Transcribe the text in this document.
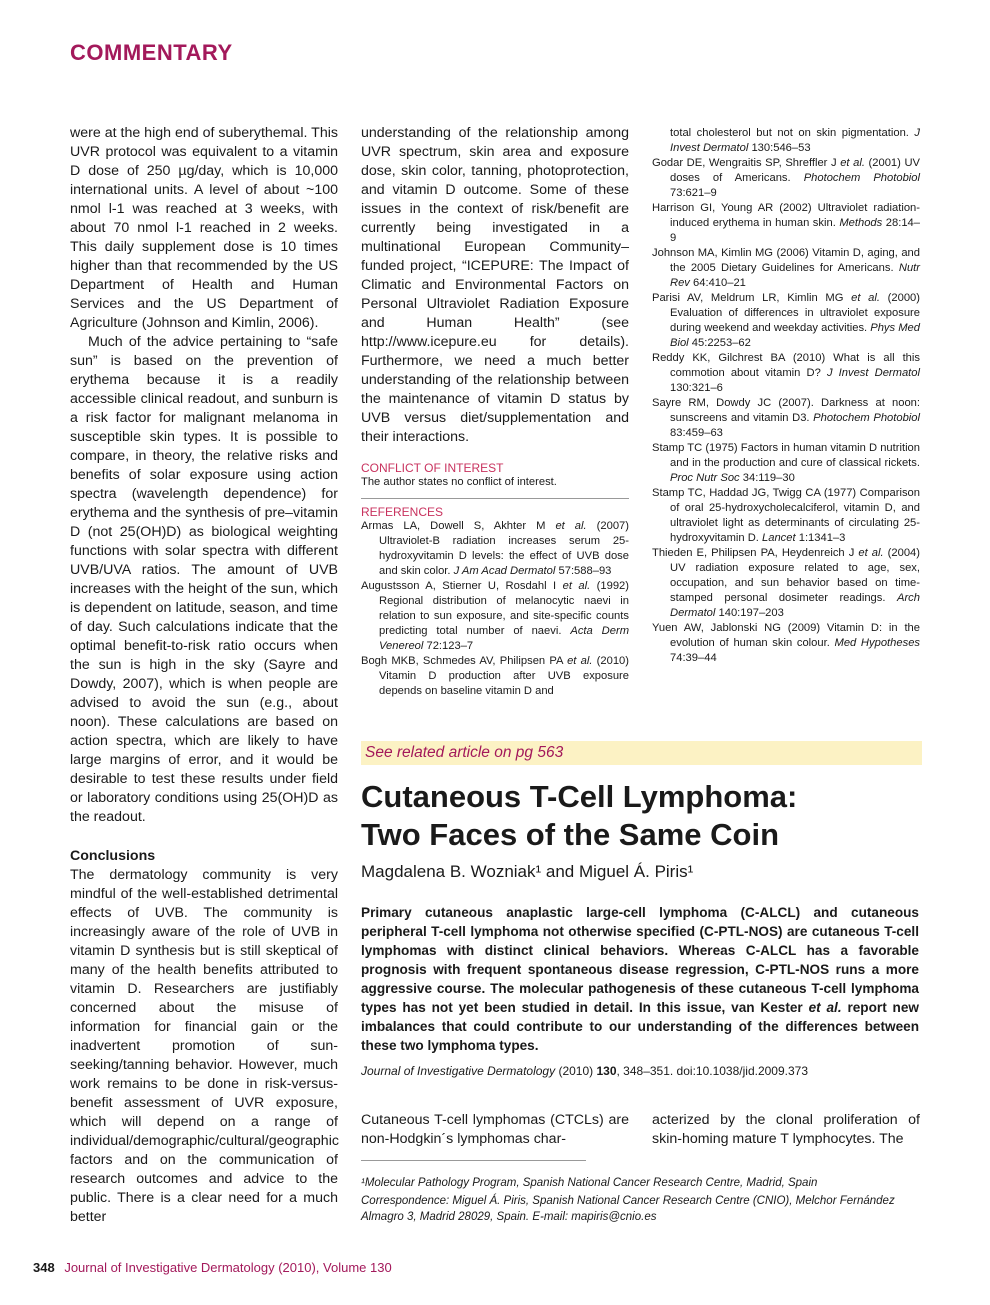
COMMENTARY

were at the high end of suberythemal. This UVR protocol was equivalent to a vitamin D dose of 250 µg/day, which is 10,000 international units. A level of about ~100 nmol l-1 was reached at 3 weeks, with about 70 nmol l-1 reached in 2 weeks. This daily supplement dose is 10 times higher than that recommended by the US Department of Health and Human Services and the US Department of Agriculture (Johnson and Kimlin, 2006).

Much of the advice pertaining to “safe sun” is based on the prevention of erythema because it is a readily accessible clinical readout, and sunburn is a risk factor for malignant melanoma in susceptible skin types. It is possible to compare, in theory, the relative risks and benefits of solar exposure using action spectra (wavelength dependence) for erythema and the synthesis of pre–vitamin D (not 25(OH)D) as biological weighting functions with solar spectra with different UVB/UVA ratios. The amount of UVB increases with the height of the sun, which is dependent on latitude, season, and time of day. Such calculations indicate that the optimal benefit-to-risk ratio occurs when the sun is high in the sky (Sayre and Dowdy, 2007), which is when people are advised to avoid the sun (e.g., about noon). These calculations are based on action spectra, which are likely to have large margins of error, and it would be desirable to test these results under field or laboratory conditions using 25(OH)D as the readout.

Conclusions

The dermatology community is very mindful of the well-established detrimental effects of UVB. The community is increasingly aware of the role of UVB in vitamin D synthesis but is still skeptical of many of the health benefits attributed to vitamin D. Researchers are justifiably concerned about the misuse of information for financial gain or the inadvertent promotion of sun-seeking/tanning behavior. However, much work remains to be done in risk-versus-benefit assessment of UVR exposure, which will depend on a range of individual/demographic/cultural/geographic factors and on the communication of research outcomes and advice to the public. There is a clear need for a much better

understanding of the relationship among UVR spectrum, skin area and exposure dose, skin color, tanning, photoprotection, and vitamin D outcome. Some of these issues in the context of risk/benefit are currently being investigated in a multinational European Community–funded project, “ICEPURE: The Impact of Climatic and Environmental Factors on Personal Ultraviolet Radiation Exposure and Human Health” (see http://www.icepure.eu for details). Furthermore, we need a much better understanding of the relationship between the maintenance of vitamin D status by UVB versus diet/supplementation and their interactions.

CONFLICT OF INTEREST
The author states no conflict of interest.
REFERENCES

Armas LA, Dowell S, Akhter M et al. (2007) Ultraviolet-B radiation increases serum 25-hydroxyvitamin D levels: the effect of UVB dose and skin color. J Am Acad Dermatol 57:588–93

Augustsson A, Stierner U, Rosdahl I et al. (1992) Regional distribution of melanocytic naevi in relation to sun exposure, and site-specific counts predicting total number of naevi. Acta Derm Venereol 72:123–7

Bogh MKB, Schmedes AV, Philipsen PA et al. (2010) Vitamin D production after UVB exposure depends on baseline vitamin D and

total cholesterol but not on skin pigmentation. J Invest Dermatol 130:546–53

Godar DE, Wengraitis SP, Shreffler J et al. (2001) UV doses of Americans. Photochem Photobiol 73:621–9

Harrison GI, Young AR (2002) Ultraviolet radiation-induced erythema in human skin. Methods 28:14–9

Johnson MA, Kimlin MG (2006) Vitamin D, aging, and the 2005 Dietary Guidelines for Americans. Nutr Rev 64:410–21

Parisi AV, Meldrum LR, Kimlin MG et al. (2000) Evaluation of differences in ultraviolet exposure during weekend and weekday activities. Phys Med Biol 45:2253–62

Reddy KK, Gilchrest BA (2010) What is all this commotion about vitamin D? J Invest Dermatol 130:321–6

Sayre RM, Dowdy JC (2007). Darkness at noon: sunscreens and vitamin D3. Photochem Photobiol 83:459–63

Stamp TC (1975) Factors in human vitamin D nutrition and in the production and cure of classical rickets. Proc Nutr Soc 34:119–30

Stamp TC, Haddad JG, Twigg CA (1977) Comparison of oral 25-hydroxycholecalciferol, vitamin D, and ultraviolet light as determinants of circulating 25-hydroxyvitamin D. Lancet 1:1341–3

Thieden E, Philipsen PA, Heydenreich J et al. (2004) UV radiation exposure related to age, sex, occupation, and sun behavior based on time-stamped personal dosimeter readings. Arch Dermatol 140:197–203

Yuen AW, Jablonski NG (2009) Vitamin D: in the evolution of human skin colour. Med Hypotheses 74:39–44

See related article on pg 563
Cutaneous T-Cell Lymphoma:
Two Faces of the Same Coin
Magdalena B. Wozniak¹ and Miguel Á. Piris¹
Primary cutaneous anaplastic large-cell lymphoma (C-ALCL) and cutaneous peripheral T-cell lymphoma not otherwise specified (C-PTL-NOS) are cutaneous T-cell lymphomas with distinct clinical behaviors. Whereas C-ALCL has a favorable prognosis with frequent spontaneous disease regression, C-PTL-NOS runs a more aggressive course. The molecular pathogenesis of these cutaneous T-cell lymphoma types has not yet been studied in detail. In this issue, van Kester et al. report new imbalances that could contribute to our understanding of the differences between these two lymphoma types.
Journal of Investigative Dermatology (2010) 130, 348–351. doi:10.1038/jid.2009.373
Cutaneous T-cell lymphomas (CTCLs) are non-Hodgkin´s lymphomas char-
acterized by the clonal proliferation of skin-homing mature T lymphocytes. The
¹Molecular Pathology Program, Spanish National Cancer Research Centre, Madrid, Spain
Correspondence: Miguel Á. Piris, Spanish National Cancer Research Centre (CNIO), Melchor Fernández Almagro 3, Madrid 28029, Spain. E-mail: mapiris@cnio.es
348 Journal of Investigative Dermatology (2010), Volume 130
